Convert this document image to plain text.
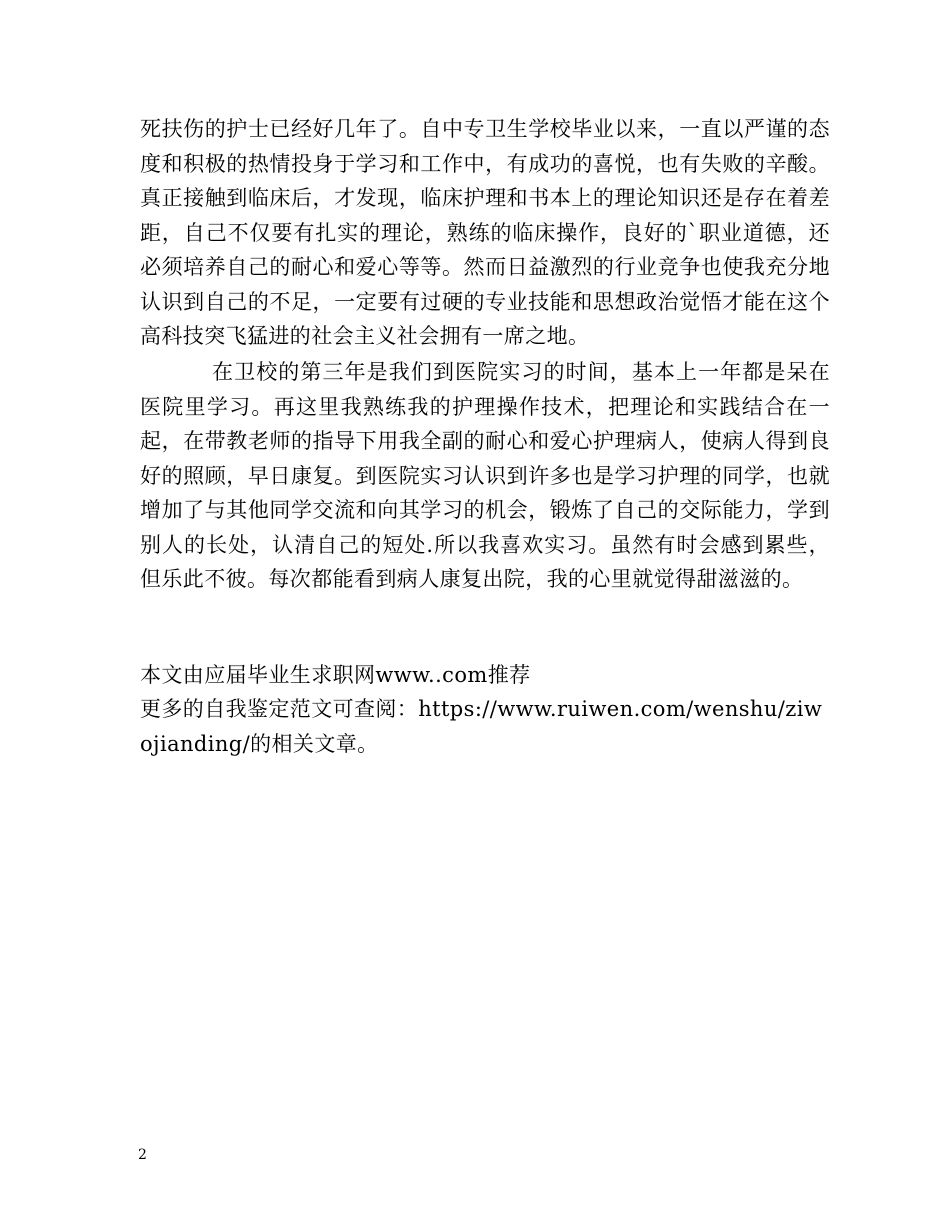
死扶伤的护士已经好几年了。自中专卫生学校毕业以来，一直以严谨的态度和积极的热情投身于学习和工作中，有成功的喜悦，也有失败的辛酸。真正接触到临床后，才发现，临床护理和书本上的理论知识还是存在着差距，自己不仅要有扎实的理论，熟练的临床操作，良好的`职业道德，还必须培养自己的耐心和爱心等等。然而日益激烈的行业竞争也使我充分地认识到自己的不足，一定要有过硬的专业技能和思想政治觉悟才能在这个高科技突飞猛进的社会主义社会拥有一席之地。
在卫校的第三年是我们到医院实习的时间，基本上一年都是呆在医院里学习。再这里我熟练我的护理操作技术，把理论和实践结合在一起，在带教老师的指导下用我全副的耐心和爱心护理病人，使病人得到良好的照顾，早日康复。到医院实习认识到许多也是学习护理的同学，也就增加了与其他同学交流和向其学习的机会，锻炼了自己的交际能力，学到别人的长处，认清自己的短处.所以我喜欢实习。虽然有时会感到累些，但乐此不彼。每次都能看到病人康复出院，我的心里就觉得甜滋滋的。
本文由应届毕业生求职网www..com推荐
更多的自我鉴定范文可查阅：https://www.ruiwen.com/wenshu/ziwojianding/的相关文章。
2
